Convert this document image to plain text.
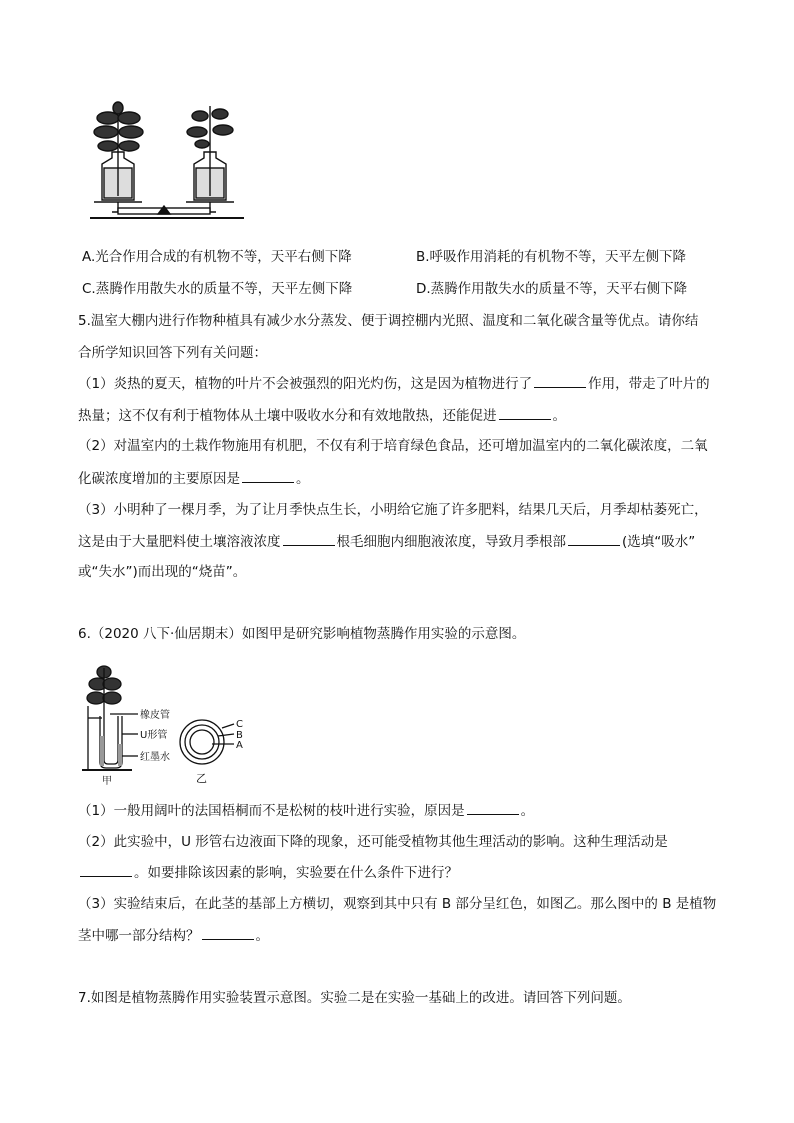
A.光合作用合成的有机物不等，天平右侧下降	B.呼吸作用消耗的有机物不等，天平左侧下降
C.蒸腾作用散失水的质量不等，天平左侧下降	D.蒸腾作用散失水的质量不等，天平右侧下降
5.温室大棚内进行作物种植具有减少水分蒸发、便于调控棚内光照、温度和二氧化碳含量等优点。请你结
合所学知识回答下列有关问题：
（1）炎热的夏天，植物的叶片不会被强烈的阳光灼伤，这是因为植物进行了	作用，带走了叶片的
热量；这不仅有利于植物体从土壤中吸收水分和有效地散热，还能促进	。
（2）对温室内的土栽作物施用有机肥，不仅有利于培育绿色食品，还可增加温室内的二氧化碳浓度，二氧
化碳浓度增加的主要原因是	。
（3）小明种了一棵月季，为了让月季快点生长，小明给它施了许多肥料，结果几天后，月季却枯萎死亡，
这是由于大量肥料使土壤溶液浓度	根毛细胞内细胞液浓度，导致月季根部	(选填“吸水”
或“失水”)而出现的“烧苗”。
6.（2020 八下·仙居期末）如图甲是研究影响植物蒸腾作用实验的示意图。
橡皮管
U形管
红墨水
甲	乙
C
B
A
（1）一般用阔叶的法国梧桐而不是松树的枝叶进行实验，原因是	。
（2）此实验中，U 形管右边液面下降的现象，还可能受植物其他生理活动的影响。这种生理活动是
。如要排除该因素的影响，实验要在什么条件下进行？
（3）实验结束后，在此茎的基部上方横切，观察到其中只有 B 部分呈红色，如图乙。那么图中的 B 是植物
茎中哪一部分结构？	。
7.如图是植物蒸腾作用实验装置示意图。实验二是在实验一基础上的改进。请回答下列问题。
